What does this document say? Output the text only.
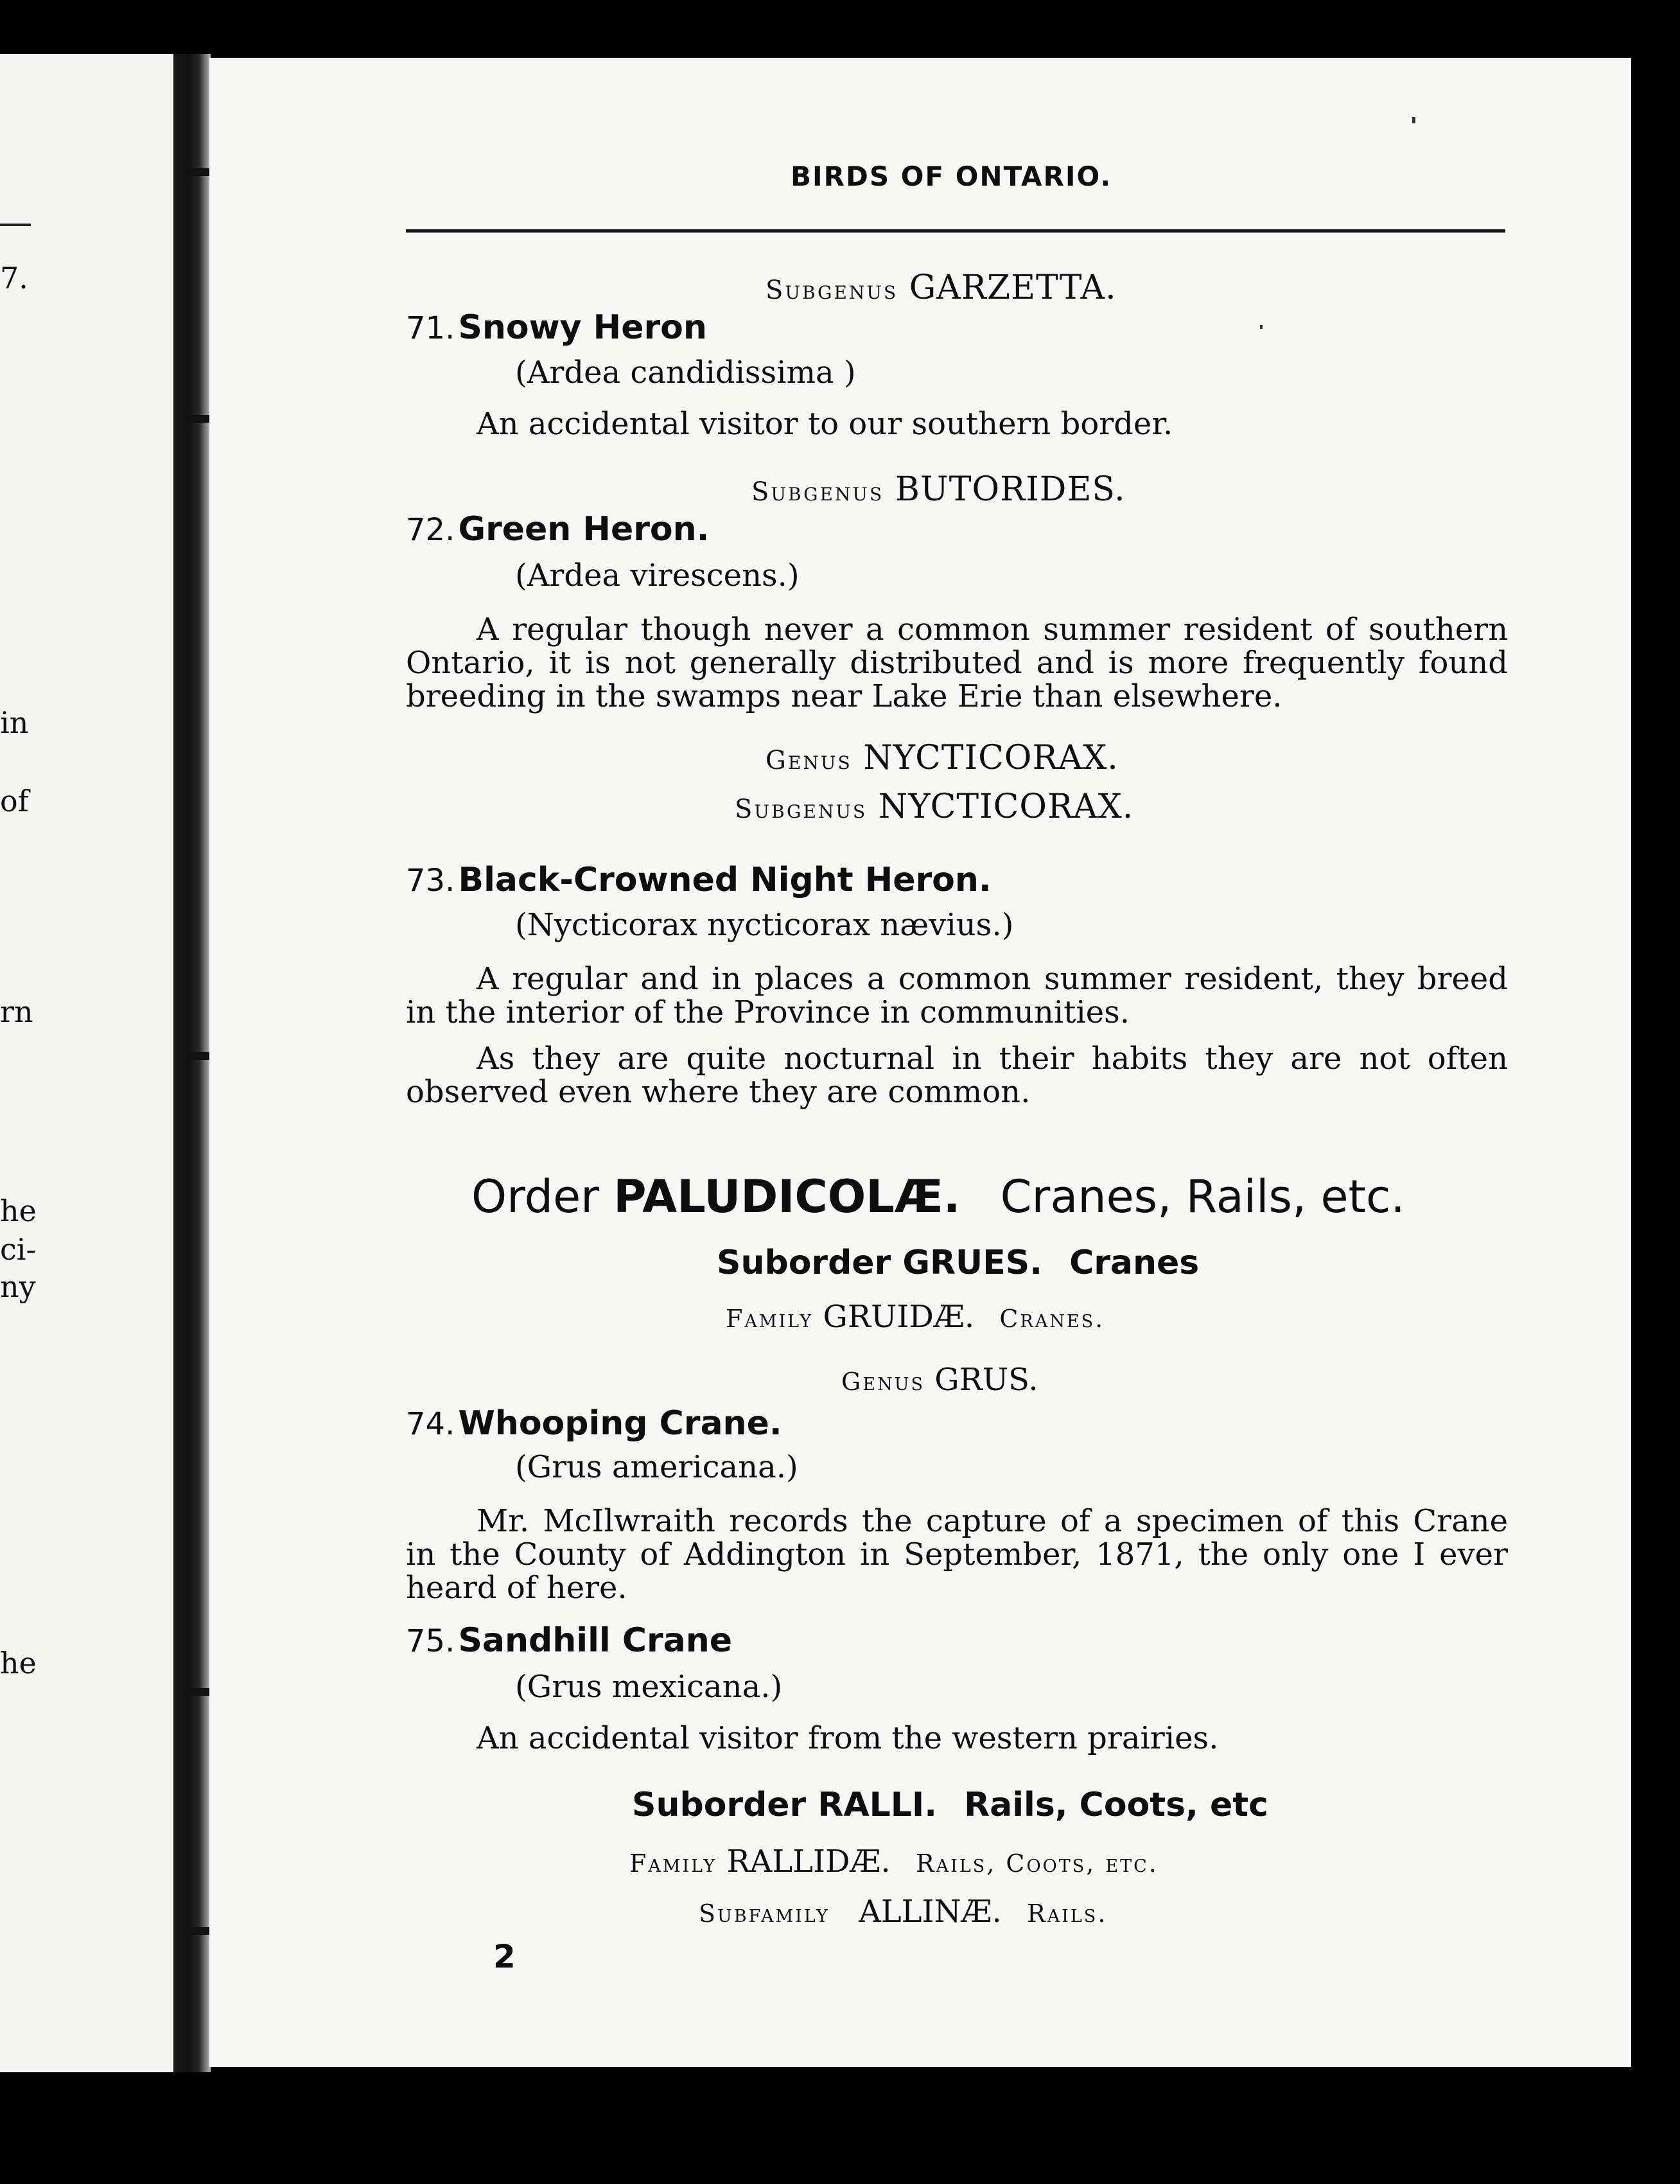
7.
in
of
rn
he
ci-
ny
he
BIRDS OF ONTARIO.
Subgenus GARZETTA.
71. Snowy Heron
(Ardea candidissima )
An accidental visitor to our southern border.
Subgenus BUTORIDES.
72. Green Heron.
(Ardea virescens.)
A regular though never a common summer resident of southern
Ontario, it is not generally distributed and is more frequently found
breeding in the swamps near Lake Erie than elsewhere.
Genus NYCTICORAX.
Subgenus NYCTICORAX.
73. Black-Crowned Night Heron.
(Nycticorax nycticorax nævius.)
A regular and in places a common summer resident, they breed
in the interior of the Province in communities.
As they are quite nocturnal in their habits they are not often
observed even where they are common.
Order PALUDICOLÆ. Cranes, Rails, etc.
Suborder GRUES. Cranes
Family GRUIDÆ. Cranes.
Genus GRUS.
74. Whooping Crane.
(Grus americana.)
Mr. McIlwraith records the capture of a specimen of this Crane
in the County of Addington in September, 1871, the only one I ever
heard of here.
75. Sandhill Crane
(Grus mexicana.)
An accidental visitor from the western prairies.
Suborder RALLI. Rails, Coots, etc
Family RALLIDÆ. Rails, Coots, etc.
Subfamily ALLINÆ. Rails.
2
